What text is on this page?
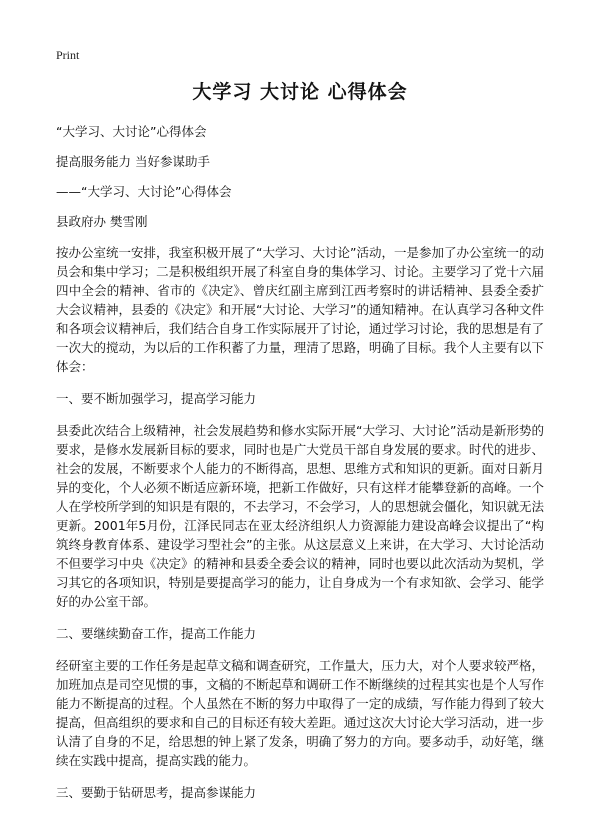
Print
大学习 大讨论 心得体会
“大学习、大讨论”心得体会
提高服务能力 当好参谋助手
——“大学习、大讨论”心得体会
县政府办 樊雪刚
按办公室统一安排，我室积极开展了“大学习、大讨论”活动，一是参加了办公室统一的动员会和集中学习；二是积极组织开展了科室自身的集体学习、讨论。主要学习了党十六届四中全会的精神、省市的《决定》、曾庆红副主席到江西考察时的讲话精神、县委全委扩大会议精神，县委的《决定》和开展“大讨论、大学习”的通知精神。在认真学习各种文件和各项会议精神后，我们结合自身工作实际展开了讨论，通过学习讨论，我的思想是有了一次大的搅动，为以后的工作积蓄了力量，理清了思路，明确了目标。我个人主要有以下体会：
一、要不断加强学习，提高学习能力
县委此次结合上级精神，社会发展趋势和修水实际开展“大学习、大讨论”活动是新形势的要求，是修水发展新目标的要求，同时也是广大党员干部自身发展的要求。时代的进步、社会的发展，不断要求个人能力的不断得高，思想、思维方式和知识的更新。面对日新月异的变化，个人必须不断适应新环境，把新工作做好，只有这样才能攀登新的高峰。一个人在学校所学到的知识是有限的，不去学习，不会学习，人的思想就会僵化，知识就无法更新。2001年5月份，江泽民同志在亚太经济组织人力资源能力建设高峰会议提出了“构筑终身教育体系、建设学习型社会”的主张。从这层意义上来讲，在大学习、大讨论活动不但要学习中央《决定》的精神和县委全委会议的精神，同时也要以此次活动为契机，学习其它的各项知识，特别是要提高学习的能力，让自身成为一个有求知欲、会学习、能学好的办公室干部。
二、要继续勤奋工作，提高工作能力
经研室主要的工作任务是起草文稿和调查研究，工作量大，压力大，对个人要求较严格，加班加点是司空见惯的事，文稿的不断起草和调研工作不断继续的过程其实也是个人写作能力不断提高的过程。个人虽然在不断的努力中取得了一定的成绩，写作能力得到了较大提高，但高组织的要求和自己的目标还有较大差距。通过这次大讨论大学习活动，进一步认清了自身的不足，给思想的钟上紧了发条，明确了努力的方向。要多动手，动好笔，继续在实践中提高，提高实践的能力。
三、要勤于钻研思考，提高参谋能力
